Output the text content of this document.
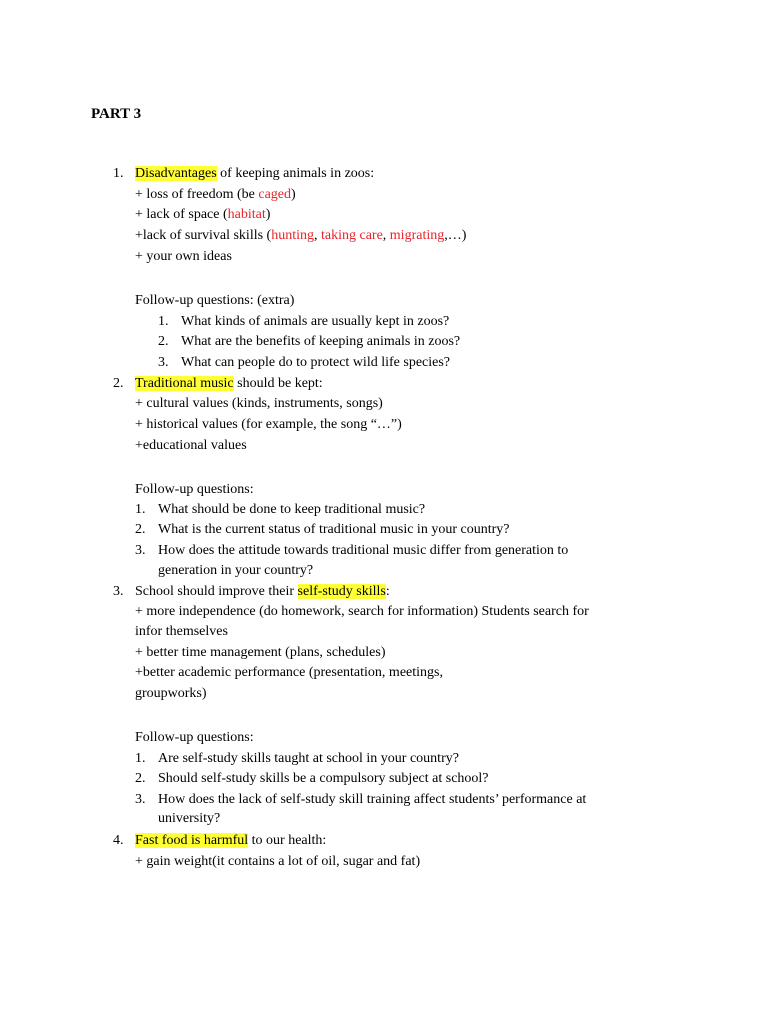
PART 3
1. Disadvantages of keeping animals in zoos:
+ loss of freedom (be caged)
+ lack of space (habitat)
+lack of survival skills (hunting, taking care, migrating,…)
+ your own ideas
Follow-up questions: (extra)
1. What kinds of animals are usually kept in zoos?
2. What are the benefits of keeping animals in zoos?
3. What can people do to protect wild life species?
2. Traditional music should be kept:
+ cultural values (kinds, instruments, songs)
+ historical values (for example, the song “…”)
+educational values
Follow-up questions:
1. What should be done to keep traditional music?
2. What is the current status of traditional music in your country?
3. How does the attitude towards traditional music differ from generation to
generation in your country?
3. School should improve their self-study skills:
+ more independence (do homework, search for information) Students search for
infor themselves
+ better time management (plans, schedules)
+better academic performance (presentation, meetings,
groupworks)
Follow-up questions:
1. Are self-study skills taught at school in your country?
2. Should self-study skills be a compulsory subject at school?
3. How does the lack of self-study skill training affect students’ performance at
university?
4. Fast food is harmful to our health:
+ gain weight(it contains a lot of oil, sugar and fat)
